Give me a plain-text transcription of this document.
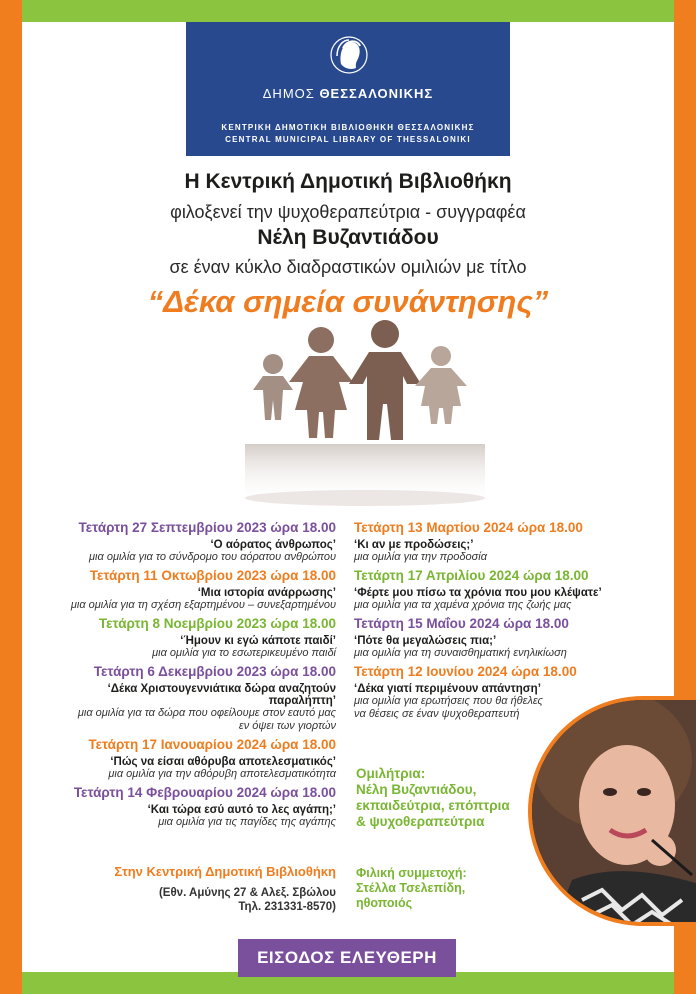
ΔΗΜΟΣ ΘΕΣΣΑΛΟΝΙΚΗΣ
ΚΕΝΤΡΙΚΗ ΔΗΜΟΤΙΚΗ ΒΙΒΛΙΟΘΗΚΗ ΘΕΣΣΑΛΟΝΙΚΗΣ
CENTRAL MUNICIPAL LIBRARY OF THESSALONIKI
Η Κεντρική Δημοτική Βιβλιοθήκη
φιλοξενεί την ψυχοθεραπεύτρια - συγγραφέα
Νέλη Βυζαντιάδου
σε έναν κύκλο διαδραστικών ομιλιών με τίτλο
“Δέκα σημεία συνάντησης”
Τετάρτη 27 Σεπτεμβρίου 2023 ώρα 18.00
‘Ο αόρατος άνθρωπος’
μια ομιλία για το σύνδρομο του αόρατου ανθρώπου
Τετάρτη 11 Οκτωβρίου 2023 ώρα 18.00
‘Μια ιστορία ανάρρωσης’
μια ομιλία για τη σχέση εξαρτημένου – συνεξαρτημένου
Τετάρτη 8 Νοεμβρίου 2023 ώρα 18.00
‘Ήμουν κι εγώ κάποτε παιδί’
μια ομιλία για το εσωτερικευμένο παιδί
Τετάρτη 6 Δεκεμβρίου 2023 ώρα 18.00
‘Δέκα Χριστουγεννιάτικα δώρα αναζητούν παραλήπτη’
μια ομιλία για τα δώρα που οφείλουμε στον εαυτό μας
εν όψει των γιορτών
Τετάρτη 17 Ιανουαρίου 2024 ώρα 18.00
‘Πώς να είσαι αθόρυβα αποτελεσματικός’
μια ομιλία για την αθόρυβη αποτελεσματικότητα
Τετάρτη 14 Φεβρουαρίου 2024 ώρα 18.00
‘Και τώρα εσύ αυτό το λες αγάπη;’
μια ομιλία για τις παγίδες της αγάπης
Τετάρτη 13 Μαρτίου 2024 ώρα 18.00
‘Κι αν με προδώσεις;’
μια ομιλία για την προδοσία
Τετάρτη 17 Απριλίου 2024 ώρα 18.00
‘Φέρτε μου πίσω τα χρόνια που μου κλέψατε’
μια ομιλία για τα χαμένα χρόνια της ζωής μας
Τετάρτη 15 Μαΐου 2024 ώρα 18.00
‘Πότε θα μεγαλώσεις πια;’
μια ομιλία για τη συναισθηματική ενηλικίωση
Τετάρτη 12 Ιουνίου 2024 ώρα 18.00
‘Δέκα γιατί περιμένουν απάντηση’
μια ομιλία για ερωτήσεις που θα ήθελες
να θέσεις σε έναν ψυχοθεραπευτή
Ομιλήτρια:
Νέλη Βυζαντιάδου,
εκπαιδεύτρια, επόπτρια
& ψυχοθεραπεύτρια
Φιλική συμμετοχή:
Στέλλα Τσελεπίδη,
ηθοποιός
Στην Κεντρική Δημοτική Βιβλιοθήκη
(Εθν. Αμύνης 27 & Αλεξ. Σβώλου
Τηλ. 231331-8570)
ΕΙΣΟΔΟΣ ΕΛΕΥΘΕΡΗ
